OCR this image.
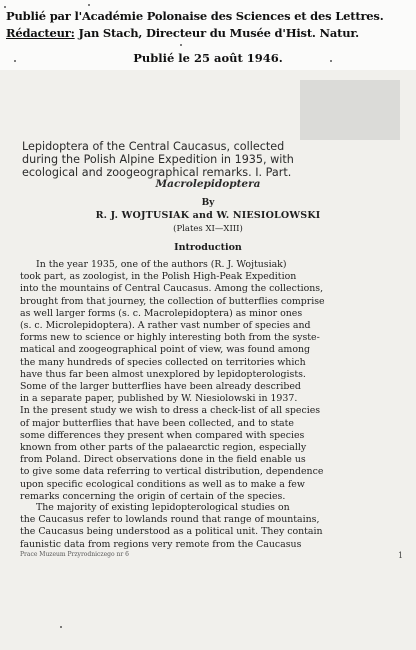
Publié par l'Académie Polonaise des Sciences et des Lettres.
Rédacteur: Jan Stach, Directeur du Musée d'Hist. Natur.
Publié le 25 août 1946.
Lepidoptera of the Central Caucasus, collected
during the Polish Alpine Expedition in 1935, with
ecological and zoogeographical remarks. I. Part.
Macrolepidoptera
By
R. J. WOJTUSIAK and W. NIESIOLOWSKI
(Plates XI—XIII)
Introduction
In the year 1935, one of the authors (R. J. Wojtusiak)
took part, as zoologist, in the Polish High-Peak Expedition
into the mountains of Central Caucasus. Among the collections,
brought from that journey, the collection of butterflies comprise
as well larger forms (s. c. Macrolepidoptera) as minor ones
(s. c. Microlepidoptera). A rather vast number of species and
forms new to science or highly interesting both from the syste-
matical and zoogeographical point of view, was found among
the many hundreds of species collected on territories which
have thus far been almost unexplored by lepidopterologists.
Some of the larger butterflies have been already described
in a separate paper, published by W. Niesiolowski in 1937.
In the present study we wish to dress a check-list of all species
of major butterflies that have been collected, and to state
some differences they present when compared with species
known from other parts of the palaearctic region, especially
from Poland. Direct observations done in the field enable us
to give some data referring to vertical distribution, dependence
upon specific ecological conditions as well as to make a few
remarks concerning the origin of certain of the species.
The majority of existing lepidopterological studies on
the Caucasus refer to lowlands round that range of mountains,
the Caucasus being understood as a political unit. They contain
faunistic data from regions very remote from the Caucasus
Prace Muzeum Przyrodniczego nr 6	1
